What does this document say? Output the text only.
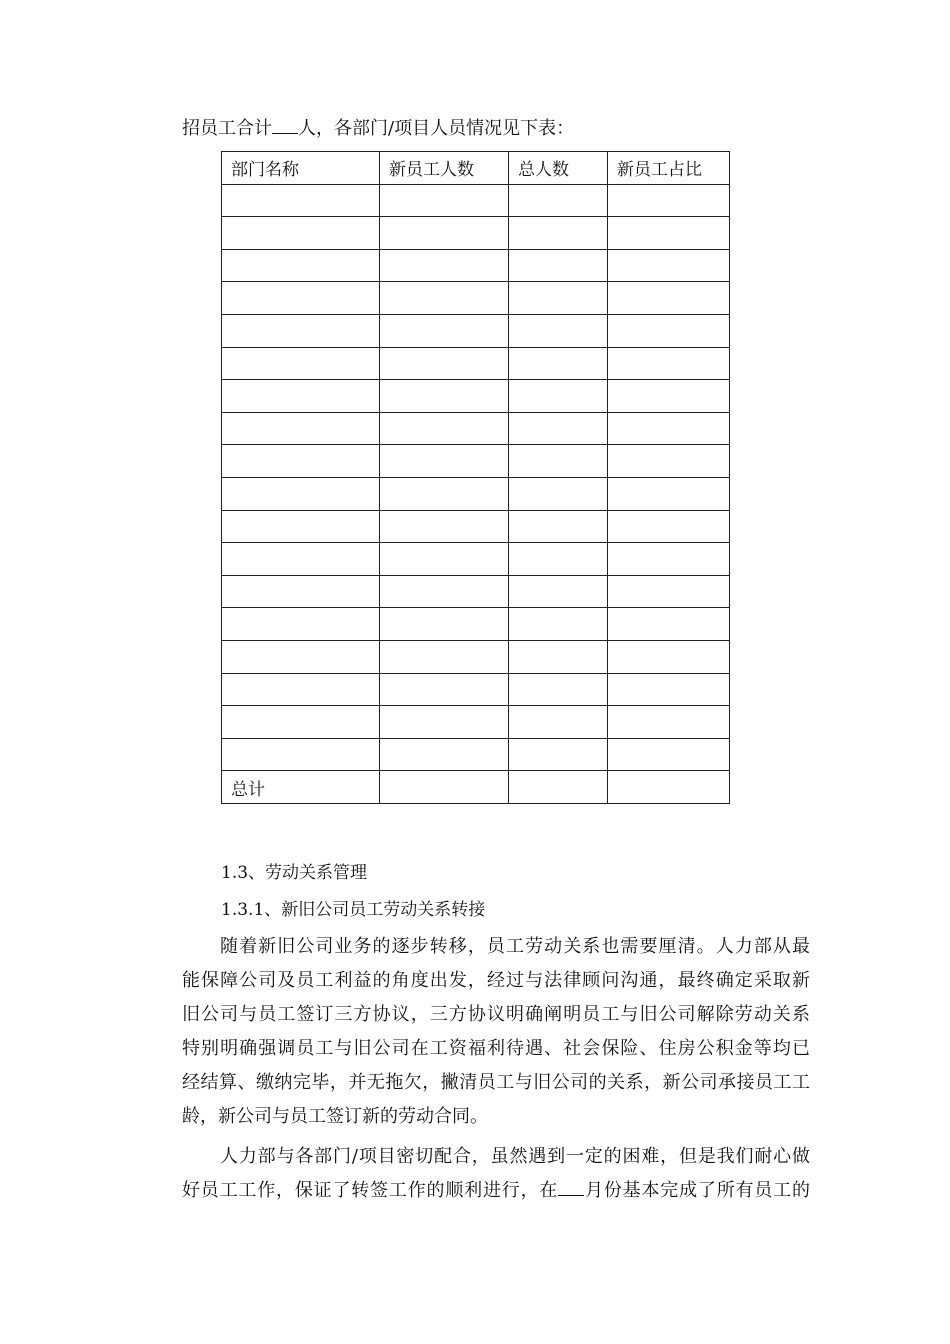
招员工合计 人，各部门/项目人员情况见下表：
部门名称	新员工人数	总人数	新员工占比

总计			
1.3、劳动关系管理
1.3.1、新旧公司员工劳动关系转接
随着新旧公司业务的逐步转移，员工劳动关系也需要厘清。人力部从最
能保障公司及员工利益的角度出发，经过与法律顾问沟通，最终确定采取新
旧公司与员工签订三方协议，三方协议明确阐明员工与旧公司解除劳动关系
特别明确强调员工与旧公司在工资福利待遇、社会保险、住房公积金等均已
经结算、缴纳完毕，并无拖欠，撇清员工与旧公司的关系，新公司承接员工工
龄，新公司与员工签订新的劳动合同。
人力部与各部门/项目密切配合，虽然遇到一定的困难，但是我们耐心做
好员工工作，保证了转签工作的顺利进行，在 月份基本完成了所有员工的
